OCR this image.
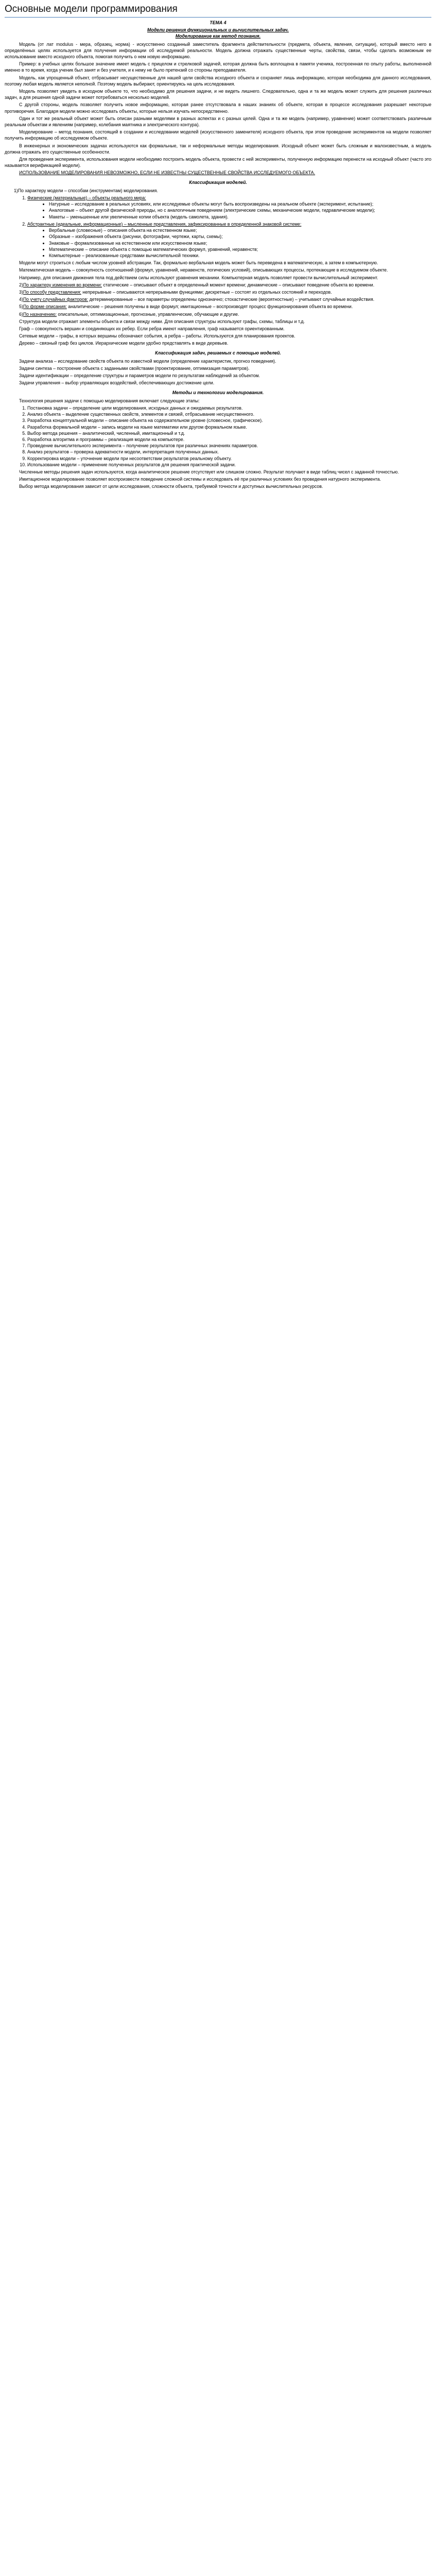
Основные модели программирования
ТЕМА 4
Модели решения функциональных и вычислительных задач.
Моделирование как метод познания.

Модель (от лат modulus - мера, образец, норма) - искусственно созданный заместитель фрагмента действительности (предмета, объекта, явления, ситуации), который вместо него в определённых целях используется для получения информации об исследуемой реальности. Модель должна отражать существенные черты, свойства, связи, чтобы сделать возможным ее использование вместо исходного объекта, помогая получить о нем новую информацию.

Пример: в учебных целях большое значение имеет модель с прицелом и стрелковой задачей, которая должна быть воплощена в памяти ученика, построенная по опыту работы, выполненной именно в то время, когда ученик был занят и без учителя, и к нему не было претензий со стороны преподавателя.

Модель, как упрощенный объект, отбрасывает несущественные для нашей цели свойства исходного объекта и сохраняет лишь информацию, которая необходима для данного исследования, поэтому любая модель является неполной. Поэтому модель выбирают, ориентируясь на цель исследования.

Модель позволяет увидеть в исходном объекте то, что необходимо для решения задачи, и не видеть лишнего. Следовательно, одна и та же модель может служить для решения различных задач, а для решения одной задачи может потребоваться несколько моделей.

С другой стороны, модель позволяет получить новое информацию, которая ранее отсутствовала в наших знаниях об объекте, которая в процессе исследования разрешает некоторые противоречия. Благодаря модели можно исследовать объекты, которые нельзя изучать непосредственно.

Один и тот же реальный объект может быть описан разными моделями в разных аспектах и с разных целей. Одна и та же модель (например, уравнение) может соответствовать различным реальным объектам и явлениям (например, колебания маятника и электрического контура).

Моделирование – метод познания, состоящий в создании и исследовании моделей (искусственного заменителя) исходного объекта, при этом проведение экспериментов на модели позволяет получить информацию об исследуемом объекте.

В инженерных и экономических задачах используются как формальные, так и неформальные методы моделирования. Исходный объект может быть сложным и малоизвестным, а модель должна отражать его существенные особенности.

Для проведения эксперимента, использования модели необходимо построить модель объекта, провести с ней эксперименты, полученную информацию перенести на исходный объект (часто это называется верификацией модели).

ИСПОЛЬЗОВАНИЕ МОДЕЛИРОВАНИЯ НЕВОЗМОЖНО, ЕСЛИ НЕ ИЗВЕСТНЫ СУЩЕСТВЕННЫЕ СВОЙСТВА ИССЛЕДУЕМОГО ОБЪЕКТА.

Классификация моделей.

1)По характеру модели – способам (инструментам) моделирования.

1. Физические (материальные) – объекты реального мира:
• Натурные – исследование в реальных условиях, или исследуемые объекты могут быть воспроизведены на реальном объекте (эксперимент, испытание);
• Аналоговые – объект другой физической природы, но с аналогичным поведением (электрические схемы, механические модели, гидравлические модели);
• Макеты – уменьшенные или увеличенные копии объекта (модель самолета, здания).
2. Абстрактные (идеальные, информационные) – мысленные представления, зафиксированные в определенной знаковой системе:
• Вербальные (словесные) – описания объекта на естественном языке;
• Образные – изображения объекта (рисунки, фотографии, чертежи, карты, схемы);
• Знаковые – формализованные на естественном или искусственном языке;
• Математические – описание объекта с помощью математических формул, уравнений, неравенств;
• Компьютерные – реализованные средствами вычислительной техники.

Модели могут строиться с любым числом уровней абстракции. Так, формально вербальная модель может быть переведена в математическую, а затем в компьютерную.

Математическая модель – совокупность соотношений (формул, уравнений, неравенств, логических условий), описывающих процессы, протекающие в исследуемом объекте.

Например, для описания движения тела под действием силы используют уравнения механики. Компьютерная модель позволяет провести вычислительный эксперимент.

2)По характеру изменения во времени: статические – описывают объект в определенный момент времени; динамические – описывают поведение объекта во времени.

3)По способу представления: непрерывные – описываются непрерывными функциями; дискретные – состоят из отдельных состояний и переходов.

4)По учету случайных факторов: детерминированные – все параметры определены однозначно; стохастические (вероятностные) – учитывают случайные воздействия.

5)По форме описания: аналитические – решения получены в виде формул; имитационные – воспроизводят процесс функционирования объекта во времени.

6)По назначению: описательные, оптимизационные, прогнозные, управленческие, обучающие и другие.

Структура модели отражает элементы объекта и связи между ними. Для описания структуры используют графы, схемы, таблицы и т.д.

Граф – совокупность вершин и соединяющих их ребер. Если ребра имеют направления, граф называется ориентированным.

Сетевые модели – графы, в которых вершины обозначают события, а ребра – работы. Используются для планирования проектов.

Дерево – связный граф без циклов. Иерархические модели удобно представлять в виде деревьев.

Классификация задач, решаемых с помощью моделей.

Задачи анализа – исследование свойств объекта по известной модели (определение характеристик, прогноз поведения).

Задачи синтеза – построение объекта с заданными свойствами (проектирование, оптимизация параметров).

Задачи идентификации – определение структуры и параметров модели по результатам наблюдений за объектом.

Задачи управления – выбор управляющих воздействий, обеспечивающих достижение цели.

Методы и технологии моделирования.

Технология решения задачи с помощью моделирования включает следующие этапы:

1. Постановка задачи – определение цели моделирования, исходных данных и ожидаемых результатов.
2. Анализ объекта – выделение существенных свойств, элементов и связей, отбрасывание несущественного.
3. Разработка концептуальной модели – описание объекта на содержательном уровне (словесное, графическое).
4. Разработка формальной модели – запись модели на языке математики или другом формальном языке.
5. Выбор метода решения – аналитический, численный, имитационный и т.д.
6. Разработка алгоритма и программы – реализация модели на компьютере.
7. Проведение вычислительного эксперимента – получение результатов при различных значениях параметров.
8. Анализ результатов – проверка адекватности модели, интерпретация полученных данных.
9. Корректировка модели – уточнение модели при несоответствии результатов реальному объекту.
10. Использование модели – применение полученных результатов для решения практической задачи.

Численные методы решения задач используются, когда аналитическое решение отсутствует или слишком сложно. Результат получают в виде таблиц чисел с заданной точностью.

Имитационное моделирование позволяет воспроизвести поведение сложной системы и исследовать её при различных условиях без проведения натурного эксперимента.

Выбор метода моделирования зависит от цели исследования, сложности объекта, требуемой точности и доступных вычислительных ресурсов.
